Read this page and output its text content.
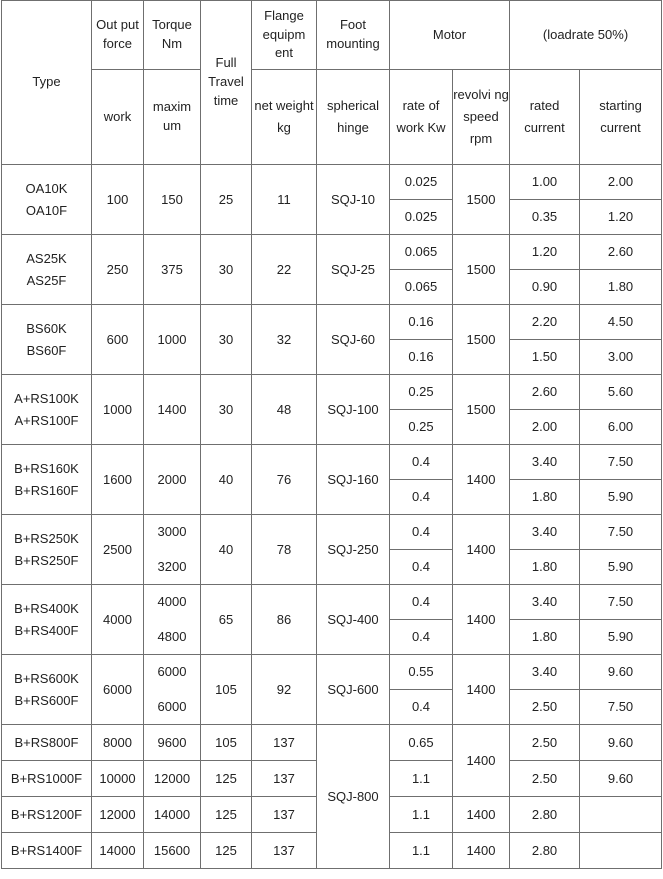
Type	Out put force	Torque Nm	Full Travel time	Flange equipm ent	Foot mounting	Motor		(loadrate 50%)	
	work	maxim um		net weight kg	spherical hinge	rate of work Kw	revolvi ng speed rpm	rated current	starting current

OA10K
OA10F	100	150	25	11	SQJ-10	0.025	1500	1.00	2.00
						0.025		0.35	1.20

AS25K
AS25F	250	375	30	22	SQJ-25	0.065	1500	1.20	2.60
						0.065		0.90	1.80

BS60K
BS60F	600	1000	30	32	SQJ-60	0.16	1500	2.20	4.50
						0.16		1.50	3.00

A+RS100K
A+RS100F	1000	1400	30	48	SQJ-100	0.25	1500	2.60	5.60
						0.25		2.00	6.00

B+RS160K
B+RS160F	1600	2000	40	76	SQJ-160	0.4	1400	3.40	7.50
						0.4		1.80	5.90

B+RS250K
B+RS250F	2500	3000	40	78	SQJ-250	0.4	1400	3.40	7.50
		3200				0.4		1.80	5.90

B+RS400K
B+RS400F	4000	4000	65	86	SQJ-400	0.4	1400	3.40	7.50
		4800				0.4		1.80	5.90

B+RS600K
B+RS600F	6000	6000	105	92	SQJ-600	0.55	1400	3.40	9.60
		6000				0.4		2.50	7.50
B+RS800F	8000	9600	105	137	SQJ-800	0.65	1400	2.50	9.60
B+RS1000F	10000	12000	125	137		1.1		2.50	9.60
B+RS1200F	12000	14000	125	137		1.1	1400	2.80	
B+RS1400F	14000	15600	125	137		1.1	1400	2.80	
